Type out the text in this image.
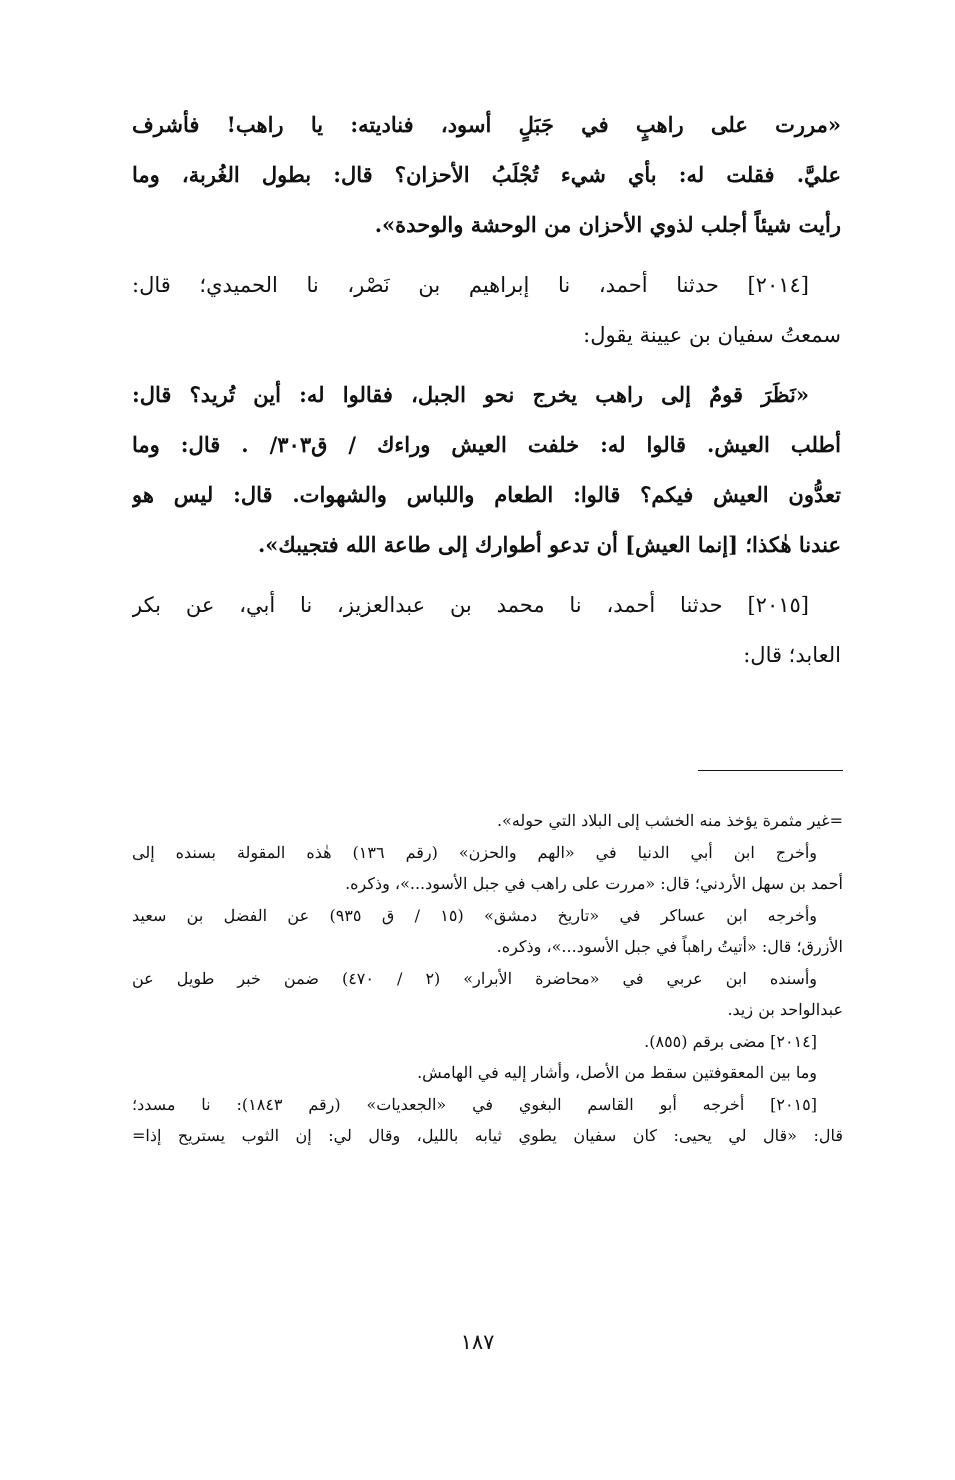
«مررت على راهبٍ في جَبَلٍ أسود، فناديته: يا راهب! فأشرف
عليَّ. فقلت له: بأي شيء تُجْلَبُ الأحزان؟ قال: بطول الغُربة، وما
رأيت شيئاً أجلب لذوي الأحزان من الوحشة والوحدة».
[٢٠١٤] حدثنا أحمد، نا إبراهيم بن نَصْر، نا الحميدي؛ قال:
سمعتُ سفيان بن عيينة يقول:
«نَظَرَ قومٌ إلى راهب يخرج نحو الجبل، فقالوا له: أين تُريد؟ قال:
أطلب العيش. قالوا له: خلفت العيش وراءك / ق٣٠٣/ . قال: وما
تعدُّون العيش فيكم؟ قالوا: الطعام واللباس والشهوات. قال: ليس هو
عندنا هٰكذا؛ [إنما العيش] أن تدعو أطوارك إلى طاعة الله فتجيبك».
[٢٠١٥] حدثنا أحمد، نا محمد بن عبدالعزيز، نا أبي، عن بكر
العابد؛ قال:
=غير مثمرة يؤخذ منه الخشب إلى البلاد التي حوله».
وأخرج ابن أبي الدنيا في «الهم والحزن» (رقم ١٣٦) هٰذه المقولة بسنده إلى
أحمد بن سهل الأردني؛ قال: «مررت على راهب في جبل الأسود...»، وذكره.
وأخرجه ابن عساكر في «تاريخ دمشق» (١٥ / ق ٩٣٥) عن الفضل بن سعيد
الأزرق؛ قال: «أتيتُ راهباً في جبل الأسود...»، وذكره.
وأسنده ابن عربي في «محاضرة الأبرار» (٢ / ٤٧٠) ضمن خبر طويل عن
عبدالواحد بن زيد.
[٢٠١٤] مضى برقم (٨٥٥).
وما بين المعقوفتين سقط من الأصل، وأشار إليه في الهامش.
[٢٠١٥] أخرجه أبو القاسم البغوي في «الجعديات» (رقم ١٨٤٣): نا مسدد؛
قال: «قال لي يحيى: كان سفيان يطوي ثيابه بالليل، وقال لي: إن الثوب يستريح إذا=
١٨٧
